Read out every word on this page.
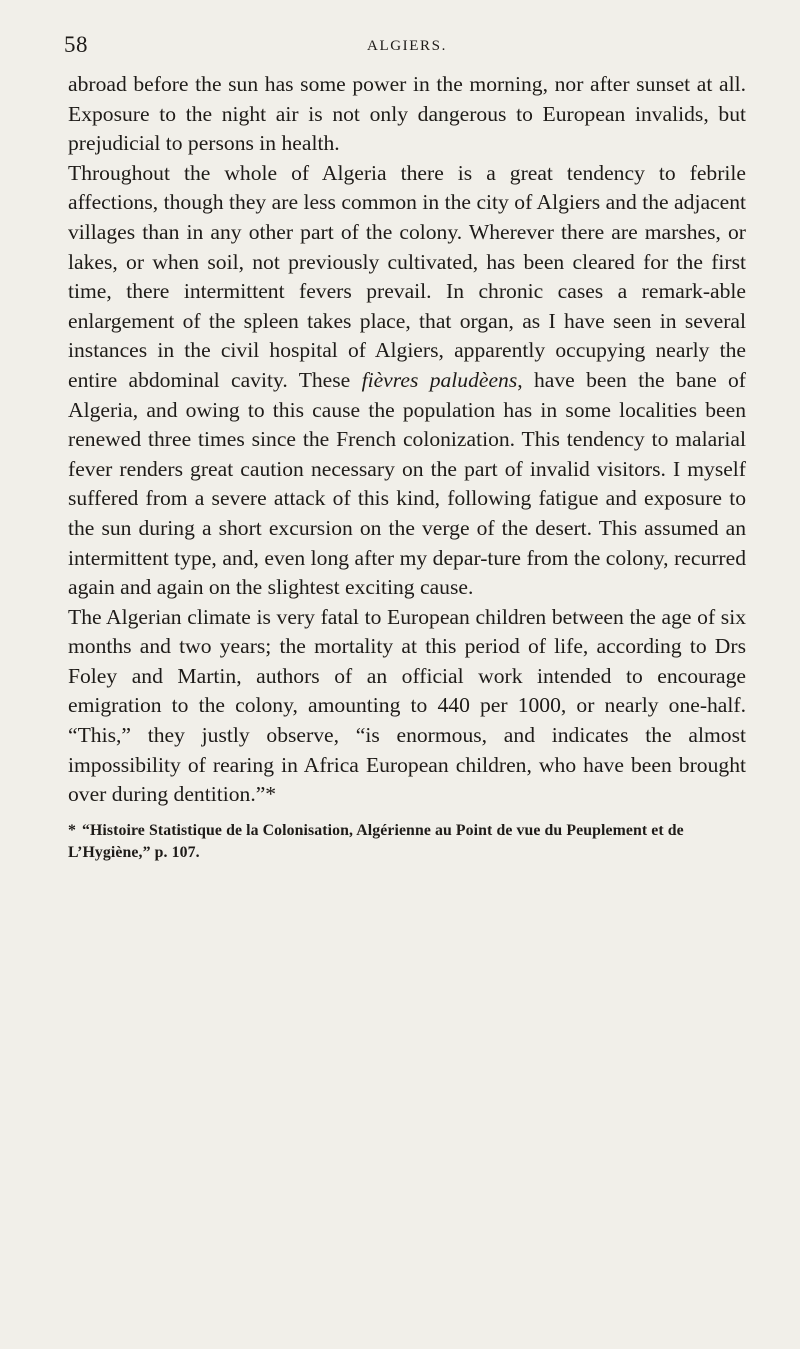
58	ALGIERS.

abroad before the sun has some power in the morning, nor after sunset at all. Exposure to the night air is not only dangerous to European invalids, but prejudicial to persons in health.

Throughout the whole of Algeria there is a great tendency to febrile affections, though they are less common in the city of Algiers and the adjacent villages than in any other part of the colony. Wherever there are marshes, or lakes, or when soil, not previously cultivated, has been cleared for the first time, there intermittent fevers prevail. In chronic cases a remark-able enlargement of the spleen takes place, that organ, as I have seen in several instances in the civil hospital of Algiers, apparently occupying nearly the entire abdominal cavity. These fièvres paludèens, have been the bane of Algeria, and owing to this cause the population has in some localities been renewed three times since the French colonization. This tendency to malarial fever renders great caution necessary on the part of invalid visitors. I myself suffered from a severe attack of this kind, following fatigue and exposure to the sun during a short excursion on the verge of the desert. This assumed an intermittent type, and, even long after my depar-ture from the colony, recurred again and again on the slightest exciting cause.

The Algerian climate is very fatal to European children between the age of six months and two years; the mortality at this period of life, according to Drs Foley and Martin, authors of an official work intended to encourage emigration to the colony, amounting to 440 per 1000, or nearly one-half. “This,” they justly observe, “is enormous, and indicates the almost impossibility of rearing in Africa European children, who have been brought over during dentition.”*

* “Histoire Statistique de la Colonisation, Algérienne au Point de vue du Peuplement et de L’Hygiène,” p. 107.
